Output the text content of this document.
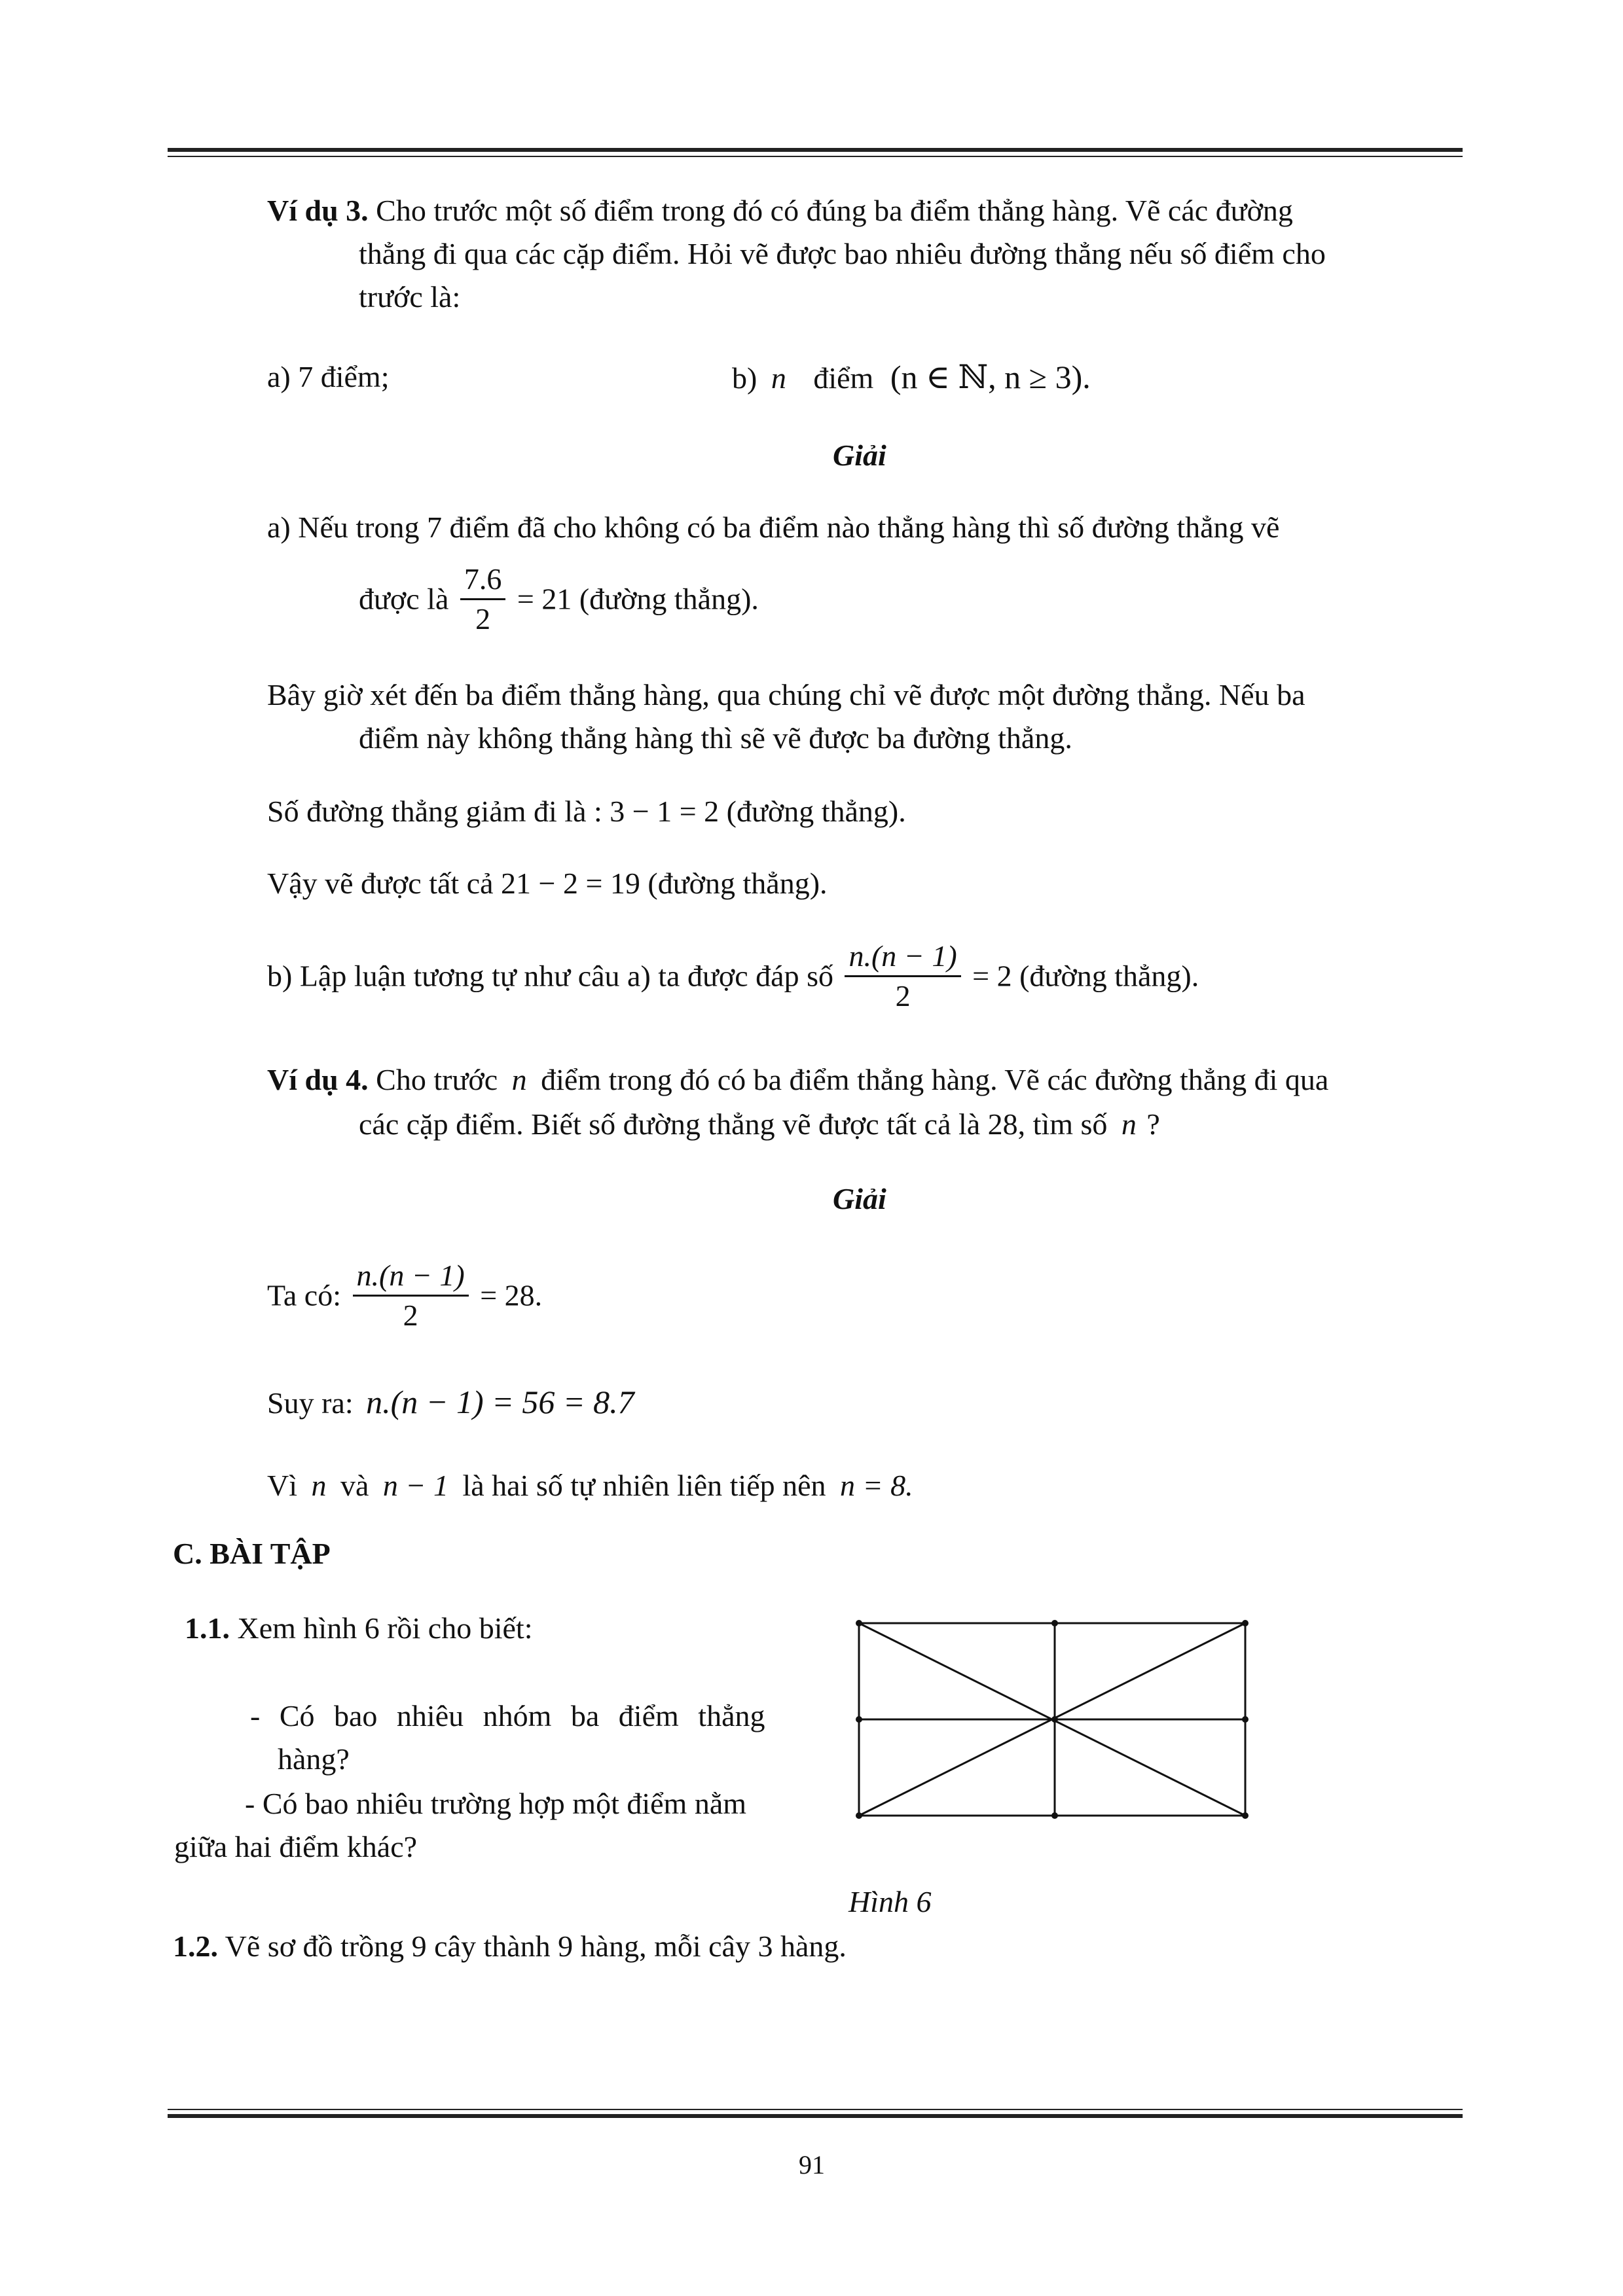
Ví dụ 3. Cho trước một số điểm trong đó có đúng ba điểm thẳng hàng. Vẽ các đường
thẳng đi qua các cặp điểm. Hỏi vẽ được bao nhiêu đường thẳng nếu số điểm cho
trước là:
a) 7 điểm;	b) n điểm (n ∈ ℕ, n ≥ 3).
Giải
a) Nếu trong 7 điểm đã cho không có ba điểm nào thẳng hàng thì số đường thẳng vẽ
được là $\frac{7.6}{2} = 21$ (đường thẳng).
Bây giờ xét đến ba điểm thẳng hàng, qua chúng chỉ vẽ được một đường thẳng. Nếu ba
điểm này không thẳng hàng thì sẽ vẽ được ba đường thẳng.
Số đường thẳng giảm đi là : 3 − 1 = 2 (đường thẳng).
Vậy vẽ được tất cả 21 − 2 = 19 (đường thẳng).
b) Lập luận tương tự như câu a) ta được đáp số $\frac{n.(n - 1)}{2} = 2$ (đường thẳng).
Ví dụ 4. Cho trước n điểm trong đó có ba điểm thẳng hàng. Vẽ các đường thẳng đi qua
các cặp điểm. Biết số đường thẳng vẽ được tất cả là 28, tìm số n ?
Giải
Ta có: $\frac{n.(n - 1)}{2} = 28$.
Suy ra: n.(n − 1) = 56 = 8.7
Vì n và n − 1 là hai số tự nhiên liên tiếp nên n = 8.
C. BÀI TẬP
1.1. Xem hình 6 rồi cho biết:
- Có bao nhiêu nhóm ba điểm thẳng
hàng?
- Có bao nhiêu trường hợp một điểm nằm
giữa hai điểm khác?
Hình 6
1.2. Vẽ sơ đồ trồng 9 cây thành 9 hàng, mỗi cây 3 hàng.
91
